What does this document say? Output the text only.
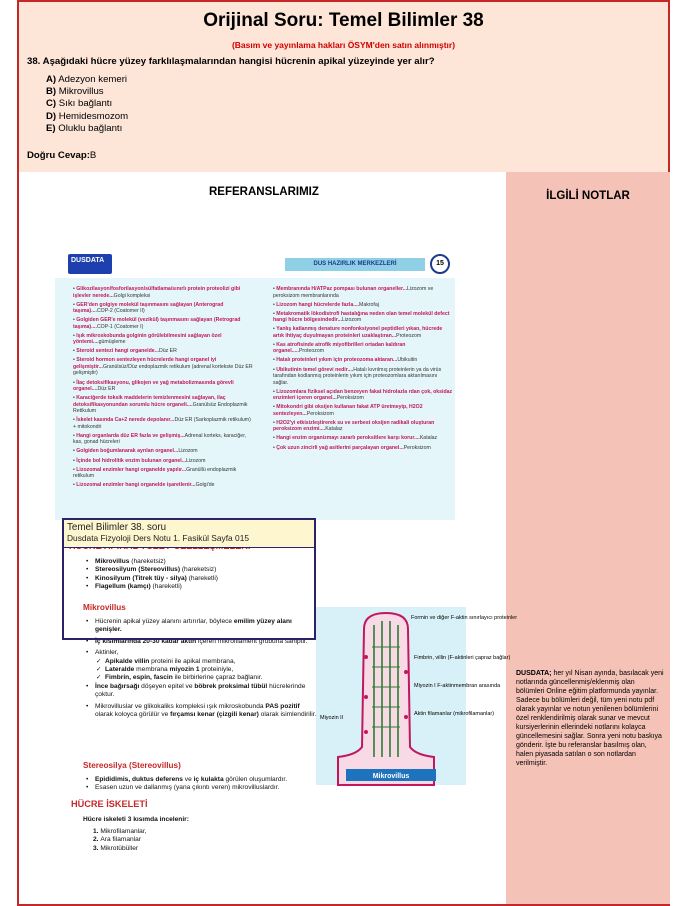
Orijinal Soru: Temel Bilimler 38
(Basım ve yayınlama hakları ÖSYM'den satın alınmıştır)
38. Aşağıdaki hücre yüzey farklılaşmalarından hangisi hücrenin apikal yüzeyinde yer alır?
A) Adezyon kemeri
B) Mikrovillus
C) Sıkı bağlantı
D) Hemidesmozom
E) Oluklu bağlantı
Doğru Cevap:B
REFERANSLARIMIZ	İLGİLİ NOTLAR
DUSDATA; her yıl Nisan ayında, basılacak yeni notlarında güncellenmiş/eklenmiş olan bölümleri Online eğitim platformunda yayınlar. Sadece bu bölümleri değil, tüm yeni notu pdf olarak yayınlar ve notun yenilenen bölümlerini özel renklendirilmiş olarak sunar ve mevcut kursiyerlerinin ellerindeki notlarını kolayca güncellemesini sağlar. Sonra yeni notu baskıya gönderir. İşte bu referanslar basılmış olan, halen piyasada satılan o son notlardan verilmiştir.
DUSDATA	DUS HAZIRLIK MERKEZLERİ	15

• Glikozilasyon/fosforilasyon/sülfatlama/sınırlı protein proteolizi gibi işlevler nerede...Golgi kompleksi

• GER'den golgiye molekül taşınmasını sağlayan (Anterograd taşıma)....COP-2 (Coatomer II)

• Golgiden GER'e molekül (vezikül) taşınmasını sağlayan (Retrograd taşıma)....COP-1 (Coatomer I)

• Işık mikroskobunda golginin görülebilmesini sağlayan özel yöntemi....gümüşleme

• Steroid sentezi hangi organelde...Düz ER

• Steroid hormon sentezleyen hücrelerde hangi organel iyi gelişmiştir...Granülsüz/Düz endoplazmik retikulum (adrenal kortekste Düz ER gelişmiştir)

• İlaç detoksifikasyonu, glikojen ve yağ metabolizmasında görevli organel....Düz ER

• Karaciğerde toksik maddelerin temizlenmesini sağlayan, ilaç detoksifikasyonundan sorumlu hücre organeli....Granülsüz Endoplazmik Retikulum

• İskelet kasında Ca+2 nerede depolanır...Düz ER (Sarkoplazmik retikulum) + mitokondri

• Hangi organlarda düz ER fazla ve gelişmiş...Adrenal korteks, karaciğer, kas, gonad hücreleri

• Golgiden boğumlanarak ayrılan organel...Lizozom

• İçinde bol hidrolitik enzim bulunan organel...Lizozom

• Lizozomal enzimler hangi organelde yapılır...Granüllü endoplazmik retikulum

• Lizozomal enzimler hangi organelde işaretlenir...Golgi'de

• Membranında H/ATPaz pompası bulunan organeller...Lizozom ve peroksizom membranlarında

• Lizozom hangi hücrelerde fazla....Makrofaj

• Metakromatik lökodistrofi hastalığına neden olan temel molekül defect hangi hücre bölgesindedir...Lizozom

• Yanlış katlanmış denature nonfonksiyonel peptidleri yıkan, hücrede artık ihtiyaç duyulmayan proteinleri uzaklaştıran...Proteozom

• Kas atrofisinde atrofik miyofibrilleri ortadan kaldıran organel.....Proteozom

• Hatalı proteinleri yıkım için proteozoma aktaran...Ubikuitin

• Ubikutinin temel görevi nedir....Hatalı kıvrılmış proteinlerin ya da virüs tarafından kodlanmış proteinlerin yıkım için proteozomlara aktarılmasını sağlar.

• Lizozomlara fiziksel açıdan benzeyen fakat hidrolazla rdan çok, oksidaz enzimleri içeren organel...Peroksizom

• Mitokondri gibi oksijen kullanan fakat ATP üretmeyip, H2O2 sentezleyen...Peroksizom

• H2O2'yi etkisizleştirerek su ve serbest oksijen radikali oluşturan peroksizom enzimi....Katalaz

• Hangi enzim organizmayı zararlı peroksitlere karşı korur....Katalaz

• Çok uzun zincirli yağ asitlerini parçalayan organel...Peroksizom

• Mikrovillus (hareketsiz)
• Stereosilyum (Stereovillus) (hareketsiz)
• Kinosilyum (Titrek tüy - silya) (hareketli)
• Flagellum (kamçı) (hareketli)
Mikrovillus
• Hücrenin apikal yüzey alanını artırırlar, böylece emilim yüzey alanı genişler.
• İç kısımlarında 20-30 kadar aktin içeren mikrofilament grubuna sahiptir.
• Aktinler,
✓ Apikalde villin proteini ile apikal membrana,
✓ Lateralde membrana miyozin 1 proteiniyle,
✓ Fimbrin, espin, fascin ile birbirlerine çapraz bağlanır.
• İnce bağırsağı döşeyen epitel ve böbrek proksimal tübül hücrelerinde çoktur.
• Mikrovilluslar ve glikokaliks kompleksi ışık mikroskobunda PAS pozitif olarak koloyca görülür ve fırçamsı kenar (çizgili kenar) olarak isimlendirilir.
Stereosilya (Stereovillus)
• Epididimis, duktus deferens ve iç kulakta görülen oluşumlardır.
• Esasen uzun ve dallanmış (yana çıkıntı veren) mikrovilluslardır.
HÜCRE İSKELETİ
Hücre iskeleti 3 kısımda incelenir:
1. Mikrofilamanlar,
2. Ara filamanlar
3. Mikrotübüller
Formin ve diğer F-aktin sınırlayıcı proteinler
Fimbrin, villin (F-aktinleri çapraz bağlar)
Miyozin I F-aktinmembran arasında
Aktin filamanlar (mikrofilamanlar)
Miyozin II
Mikrovillus
Temel Bilimler 38. soru
Dusdata Fizyoloji Ders Notu 1. Fasikül Sayfa 015
